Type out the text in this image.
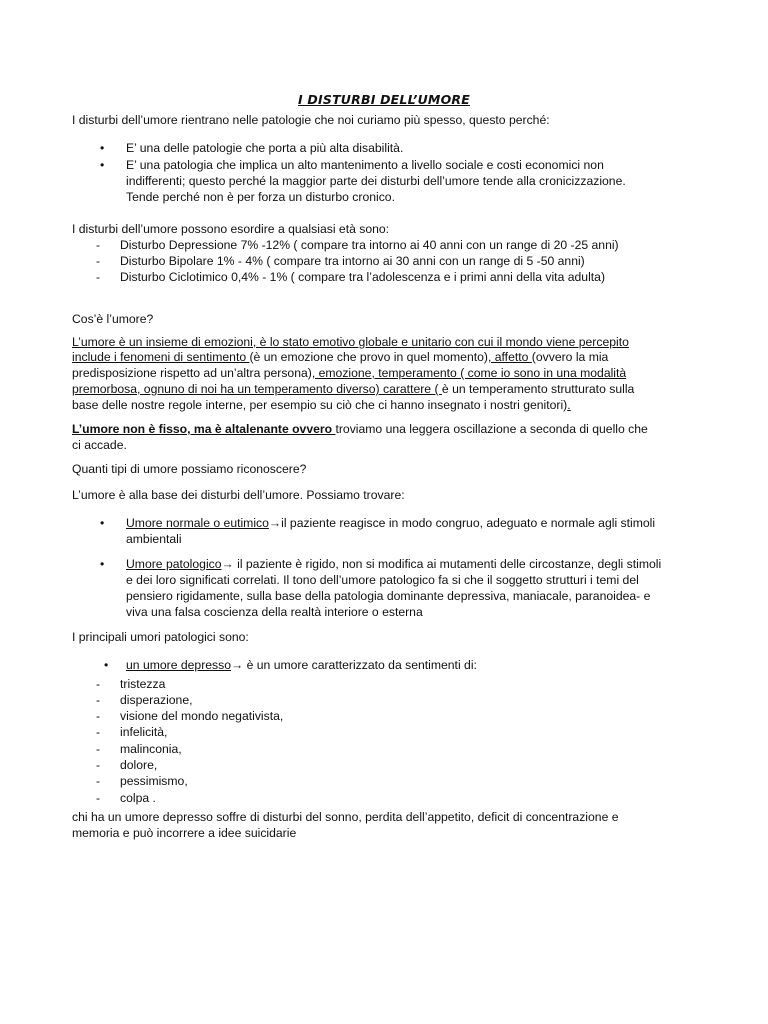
I DISTURBI DELL’UMORE
I disturbi dell’umore rientrano nelle patologie che noi curiamo più spesso, questo perché:
• E’ una delle patologie che porta a più alta disabilità.
• E’ una patologia che implica un alto mantenimento a livello sociale e costi economici non
indifferenti; questo perché la maggior parte dei disturbi dell’umore tende alla cronicizzazione.
Tende perché non è per forza un disturbo cronico.
I disturbi dell’umore possono esordire a qualsiasi età sono:
- Disturbo Depressione 7% -12% ( compare tra intorno ai 40 anni con un range di 20 -25 anni)
- Disturbo Bipolare 1% - 4% ( compare tra intorno ai 30 anni con un range di 5 -50 anni)
- Disturbo Ciclotimico 0,4% - 1% ( compare tra l’adolescenza e i primi anni della vita adulta)
Cos’è l’umore?
L’umore è un insieme di emozioni, è lo stato emotivo globale e unitario con cui il mondo viene percepito
include i fenomeni di sentimento (è un emozione che provo in quel momento), affetto (ovvero la mia
predisposizione rispetto ad un’altra persona), emozione, temperamento ( come io sono in una modalità
premorbosa, ognuno di noi ha un temperamento diverso) carattere ( è un temperamento strutturato sulla
base delle nostre regole interne, per esempio su ciò che ci hanno insegnato i nostri genitori).
L’umore non è fisso, ma è altalenante ovvero troviamo una leggera oscillazione a seconda di quello che
ci accade.
Quanti tipi di umore possiamo riconoscere?
L’umore è alla base dei disturbi dell’umore. Possiamo trovare:
• Umore normale o eutimico→il paziente reagisce in modo congruo, adeguato e normale agli stimoli
ambientali
• Umore patologico→ il paziente è rigido, non si modifica ai mutamenti delle circostanze, degli stimoli
e dei loro significati correlati. Il tono dell’umore patologico fa si che il soggetto strutturi i temi del
pensiero rigidamente, sulla base della patologia dominante depressiva, maniacale, paranoidea- e
viva una falsa coscienza della realtà interiore o esterna
I principali umori patologici sono:
• un umore depresso→ è un umore caratterizzato da sentimenti di:
- tristezza
- disperazione,
- visione del mondo negativista,
- infelicità,
- malinconia,
- dolore,
- pessimismo,
- colpa .
chi ha un umore depresso soffre di disturbi del sonno, perdita dell’appetito, deficit di concentrazione e
memoria e può incorrere a idee suicidarie
